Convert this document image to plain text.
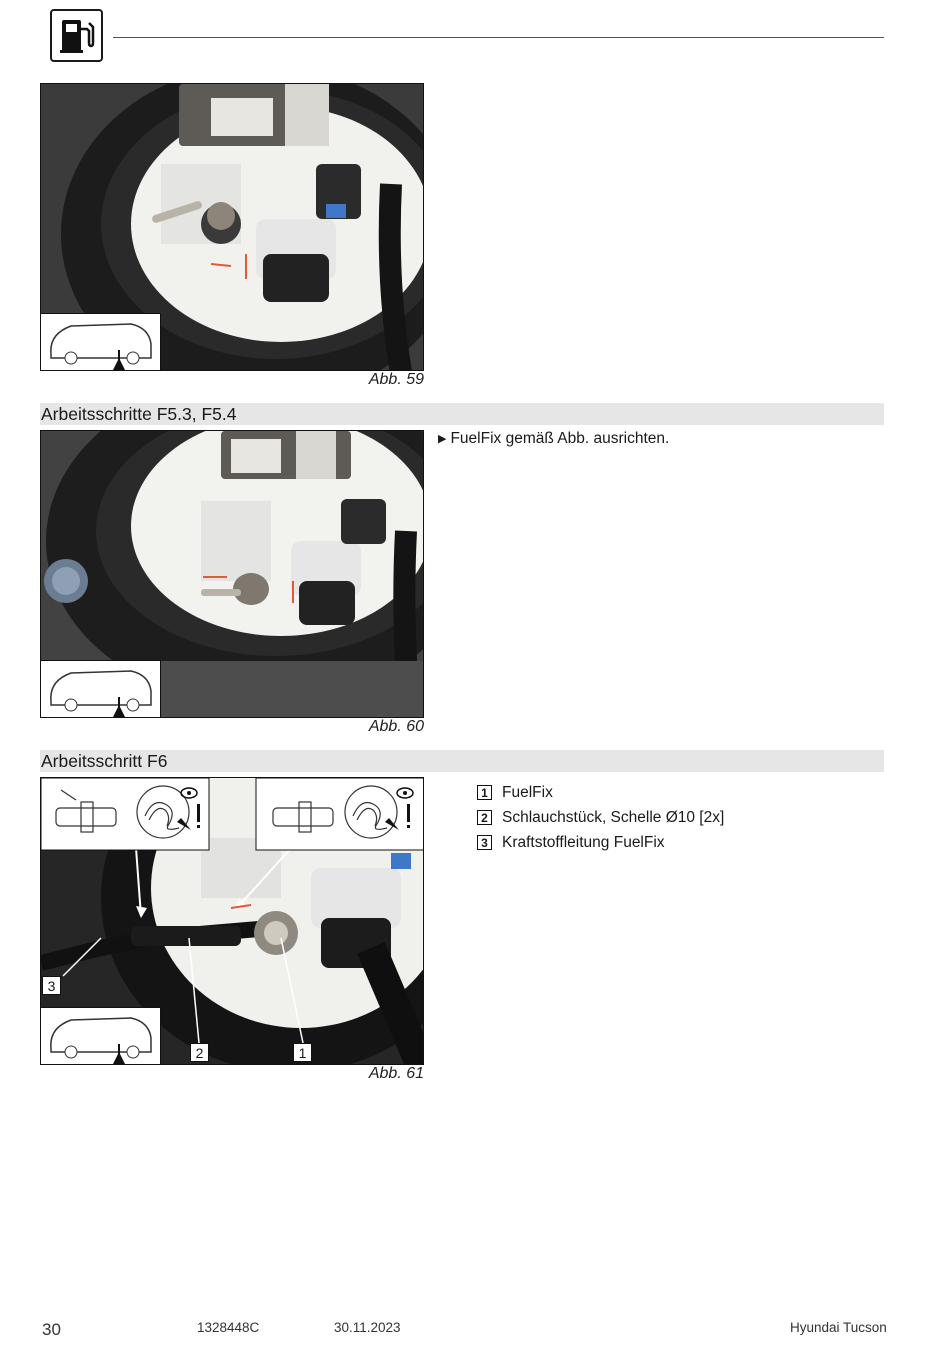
Abb. 59
Arbeitsschritte F5.3, F5.4
Abb. 60
▶ FuelFix gemäß Abb. ausrichten.
Arbeitsschritt F6
3
2	1
Abb. 61
1 FuelFix
2 Schlauchstück, Schelle Ø10 [2x]
3 Kraftstoffleitung FuelFix
30	1328448C	30.11.2023	Hyundai Tucson
